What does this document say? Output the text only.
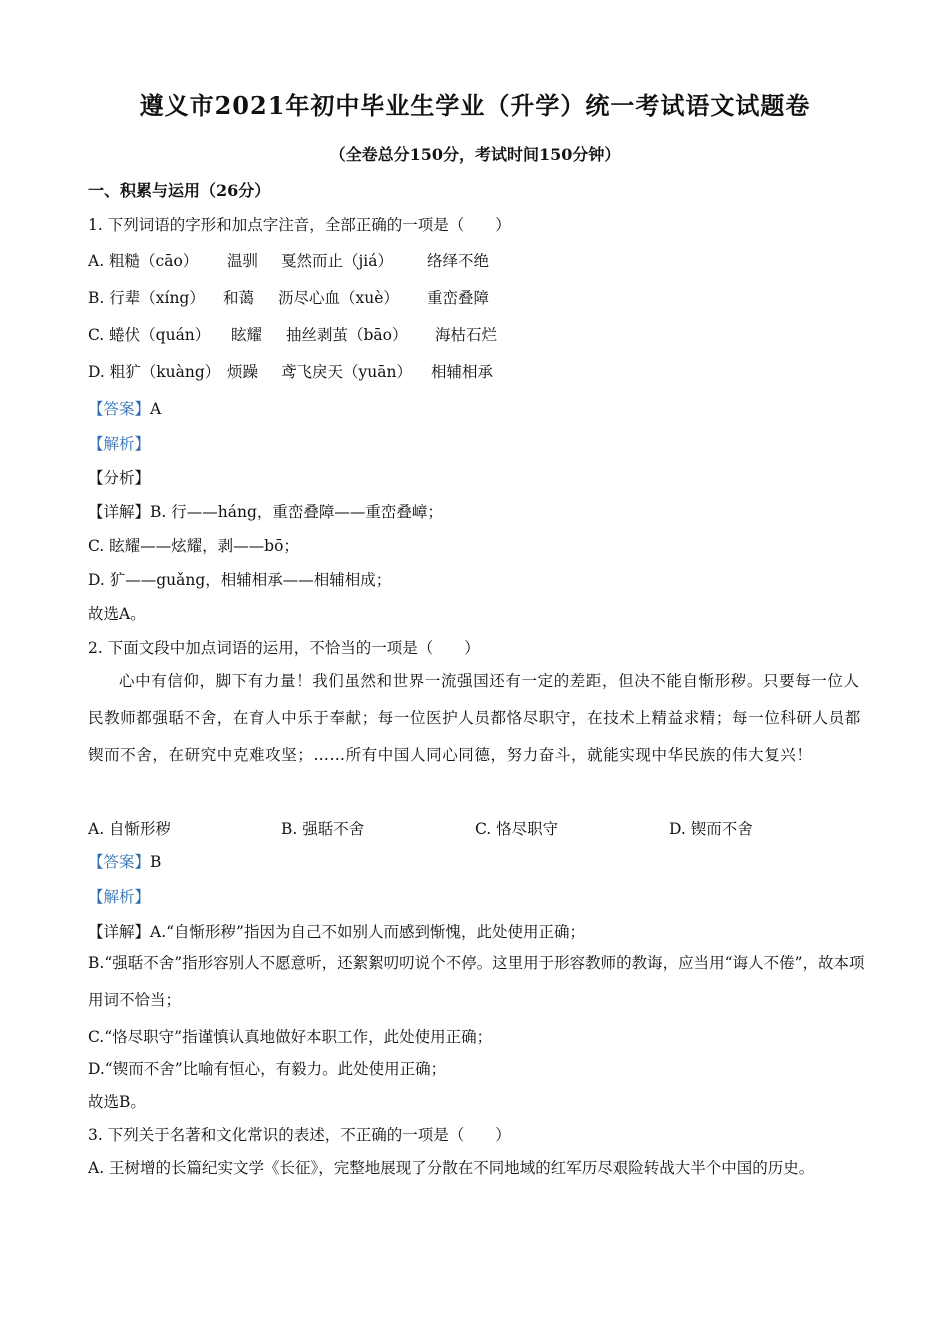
遵义市2021年初中毕业生学业（升学）统一考试语文试题卷
（全卷总分150分，考试时间150分钟）
一、积累与运用（26分）
1. 下列词语的字形和加点字注音，全部正确的一项是（　　）
A. 粗糙（cāo） 温驯 戛然而止（jiá） 络绎不绝
B. 行辈（xíng） 和蔼 沥尽心血（xuè） 重峦叠障
C. 蜷伏（quán） 眩耀 抽丝剥茧（bāo） 海枯石烂
D. 粗犷（kuàng） 烦躁 鸢飞戾天（yuān） 相辅相承
【答案】A
【解析】
【分析】
【详解】B. 行——háng，重峦叠障——重峦叠嶂；
C. 眩耀——炫耀，剥——bō；
D. 犷——guǎng，相辅相承——相辅相成；
故选A。
2. 下面文段中加点词语的运用，不恰当的一项是（　　）
心中有信仰，脚下有力量！我们虽然和世界一流强国还有一定的差距，但决不能自惭形秽。只要每一位人民教师都强聒不舍，在育人中乐于奉献；每一位医护人员都恪尽职守，在技术上精益求精；每一位科研人员都锲而不舍，在研究中克难攻坚；……所有中国人同心同德，努力奋斗，就能实现中华民族的伟大复兴！
A. 自惭形秽	B. 强聒不舍	C. 恪尽职守	D. 锲而不舍
【答案】B
【解析】
【详解】A.“自惭形秽”指因为自己不如别人而感到惭愧，此处使用正确；
B.“强聒不舍”指形容别人不愿意听，还絮絮叨叨说个不停。这里用于形容教师的教诲，应当用“诲人不倦”，故本项用词不恰当；
C.“恪尽职守”指谨慎认真地做好本职工作，此处使用正确；
D.“锲而不舍”比喻有恒心，有毅力。此处使用正确；
故选B。
3. 下列关于名著和文化常识的表述，不正确的一项是（　　）
A. 王树增的长篇纪实文学《长征》，完整地展现了分散在不同地域的红军历尽艰险转战大半个中国的历史。
